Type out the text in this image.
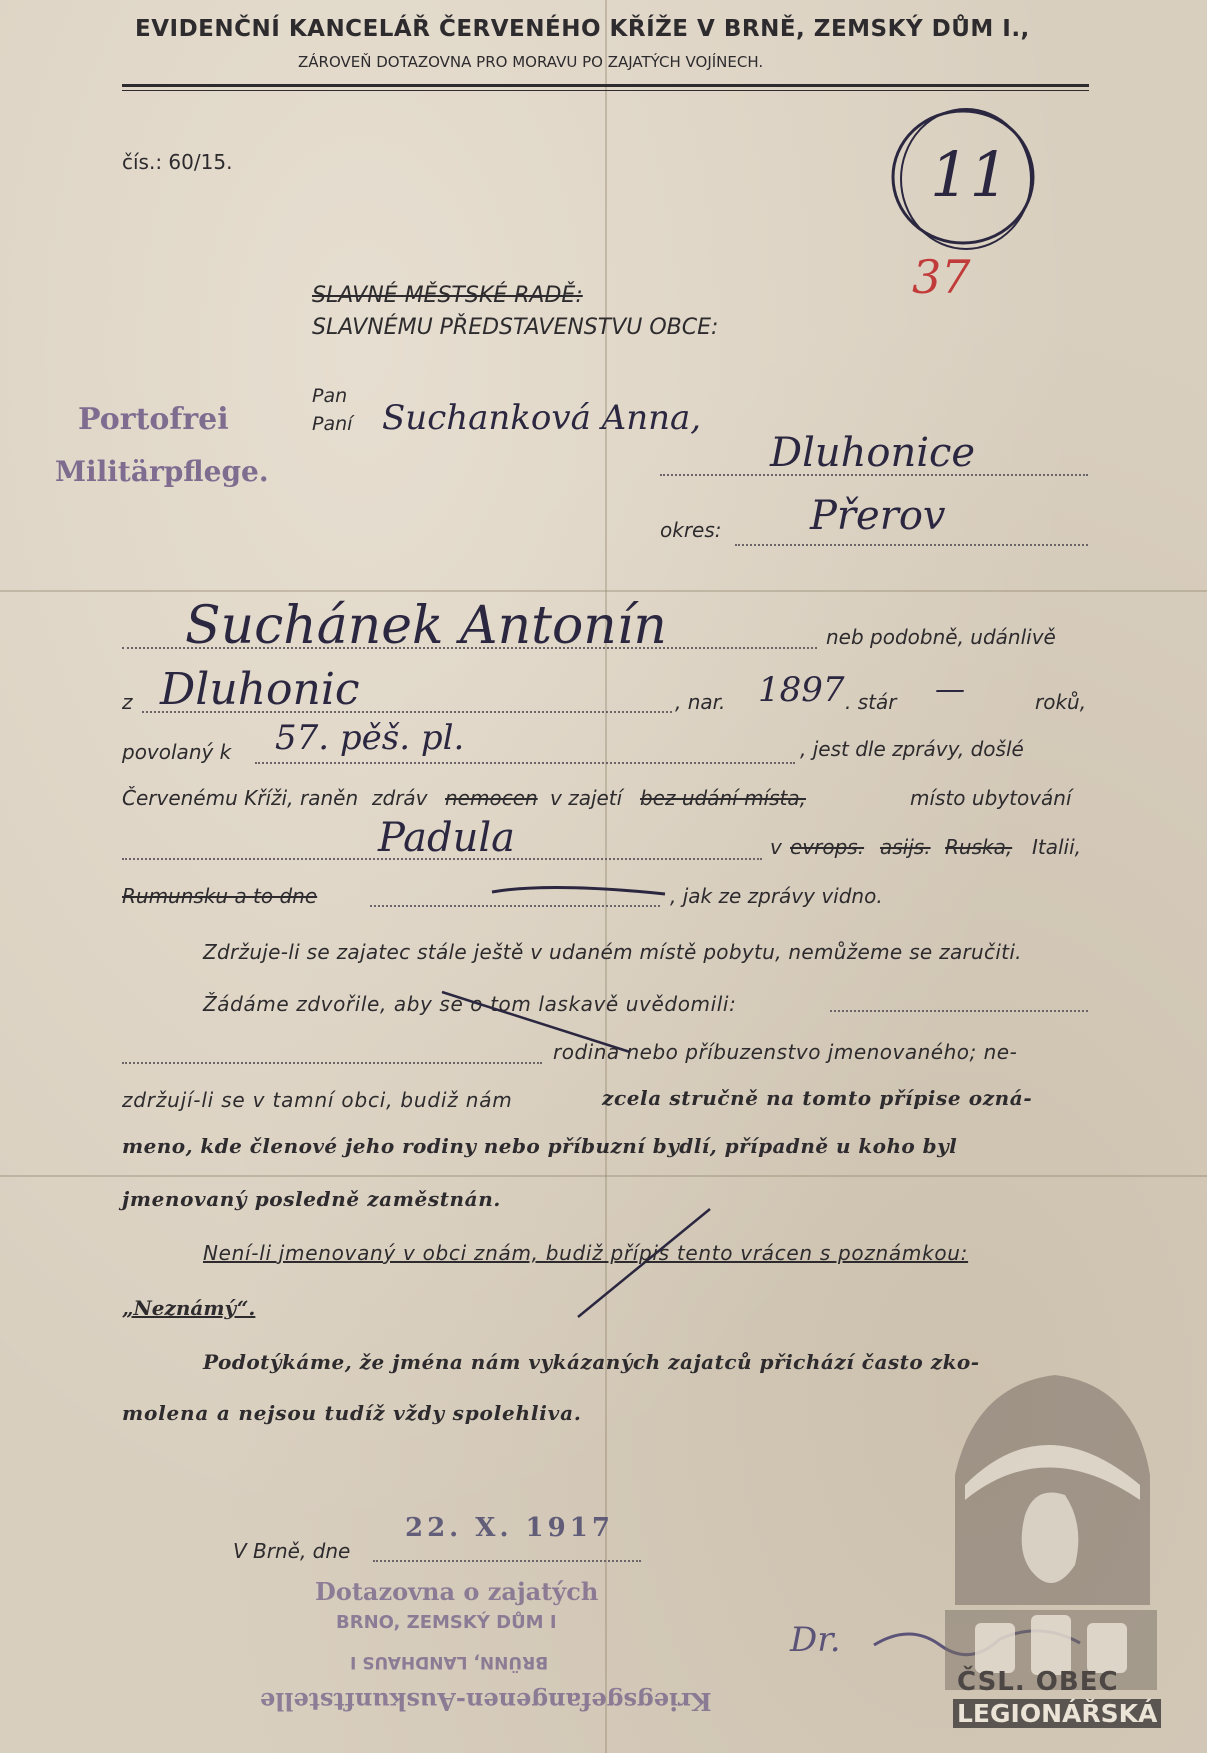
EVIDENČNÍ KANCELÁŘ ČERVENÉHO KŘÍŽE V BRNĚ, ZEMSKÝ DŮM I.,
ZÁROVEŇ DOTAZOVNA PRO MORAVU PO ZAJATÝCH VOJÍNECH.
čís.: 60/15.	11
37
SLAVNÉ MĚSTSKÉ RADĚ:
SLAVNÉMU PŘEDSTAVENSTVU OBCE:
Portofrei
Militärpflege.
Pan
Paní Suchanková Anna,
Dluhonice
okres: Přerov
Suchánek Antonín	neb podobně, udánlivě
z Dluhonic	, nar. 1897 . stár —	roků,
povolaný k 57. pěš. pl.	, jest dle zprávy, došlé
Červenému Kříži, raněn zdráv nemocen v zajetí bez udání místa,	místo ubytování
Padula	v evrops. asijs. Ruska, Italii,
Rumunsku a to dne	, jak ze zprávy vidno.
Zdržuje-li se zajatec stále ještě v udaném místě pobytu, nemůžeme se zaručiti.
Žádáme zdvořile, aby se o tom laskavě uvědomili:
rodina nebo příbuzenstvo jmenovaného; ne-
zdržují-li se v tamní obci, budiž nám	zcela stručně na tomto přípise ozná-
meno, kde členové jeho rodiny nebo příbuzní bydlí, případně u koho byl
jmenovaný posledně zaměstnán.
Není-li jmenovaný v obci znám, budiž přípis tento vrácen s poznámkou:
„Neznámý“.
Podotýkáme, že jména nám vykázaných zajatců přichází často zko-
molena a nejsou tudíž vždy spolehliva.
V Brně, dne
22. X. 1917
Dotazovna o zajatých
BRNO, ZEMSKÝ DŮM I
BRÜNN, LANDHAUS I
Kriegsgefangenen-Auskunftstelle
Dr.
ČSL. OBEC
LEGIONÁŘSKÁ
